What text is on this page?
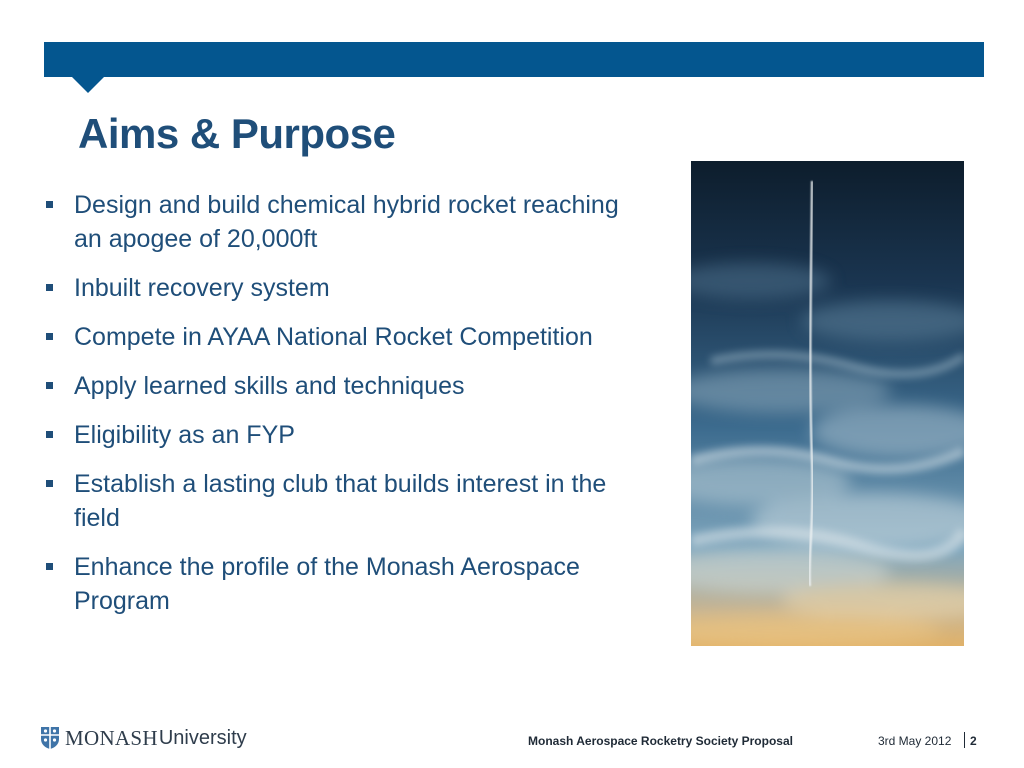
Aims & Purpose
Design and build chemical hybrid rocket reaching an apogee of 20,000ft
Inbuilt recovery system
Compete in AYAA National Rocket Competition
Apply learned skills and techniques
Eligibility as an FYP
Establish a lasting club that builds interest in the field
Enhance the profile of the Monash Aerospace Program
MONASH University	Monash Aerospace Rocketry Society Proposal	3rd May 2012 2
